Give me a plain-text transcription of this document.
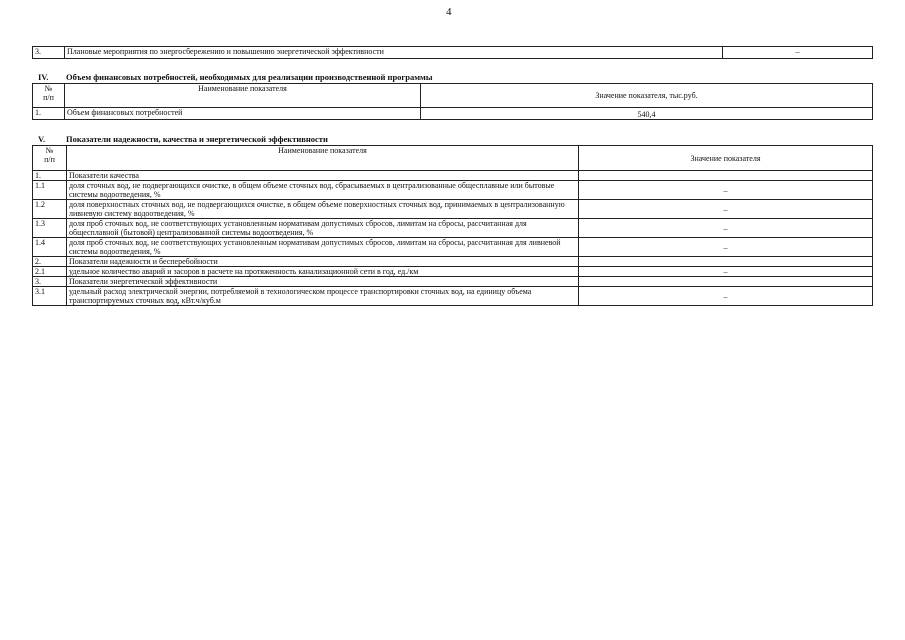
4
3.	Плановые мероприятия по энергосбережению и повышению энергетической эффективности	–
IV. Объем финансовых потребностей, необходимых для реализации производственной программы
№
п/п	Наименование показателя	Значение показателя, тыс.руб.
1.	Объем финансовых потребностей	540,4
V. Показатели надежности, качества и энергетической эффективности
№
п/п	Наименование показателя	Значение показателя
1.	Показатели качества	
1.1	доля сточных вод, не подвергающихся очистке, в общем объеме сточных вод, сбрасываемых в централизованные общесплавные или бытовые системы водоотведения, %	–
1.2	доля поверхностных сточных вод, не подвергающихся очистке, в общем объеме поверхностных сточных вод, принимаемых в централизованную ливневую систему водоотведения, %	–
1.3	доля проб сточных вод, не соответствующих установленным нормативам допустимых сбросов, лимитам на сбросы, рассчитанная для общесплавной (бытовой) централизованной системы водоотведения, %	–
1.4	доля проб сточных вод, не соответствующих установленным нормативам допустимых сбросов, лимитам на сбросы, рассчитанная для ливневой системы водоотведения, %	–
2.	Показатели надежности и бесперебойности	
2.1	удельное количество аварий и засоров в расчете на протяженность канализационной сети в год, ед./км	–
3.	Показатели энергетической эффективности	
3.1	удельный расход электрической энергии, потребляемой в технологическом процессе транспортировки сточных вод, на единицу объема транспортируемых сточных вод, кВт.ч/куб.м	–
